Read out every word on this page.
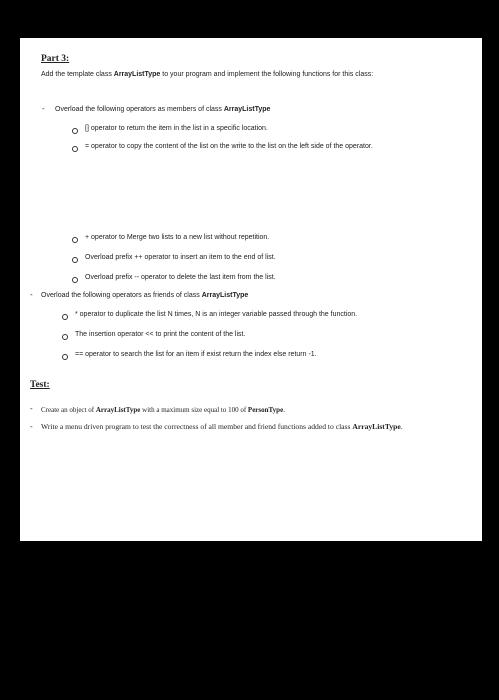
Part 3:
Add the template class ArrayListType to your program and implement the following functions for this class:
- Overload the following operators as members of class ArrayListType
[] operator to return the item in the list in a specific location.
= operator to copy the content of the list on the write to the list on the left side of the operator.
+ operator to Merge two lists to a new list without repetition.
Overload prefix ++ operator to insert an item to the end of list.
Overload prefix -- operator to delete the last item from the list.
- Overload the following operators as friends of class ArrayListType
* operator to duplicate the list N times, N is an integer variable passed through the function.
The insertion operator << to print the content of the list.
== operator to search the list for an item if exist return the index else return -1.
Test:
- Create an object of ArrayListType with a maximum size equal to 100 of PersonType.
- Write a menu driven program to test the correctness of all member and friend functions added to class ArrayListType.
